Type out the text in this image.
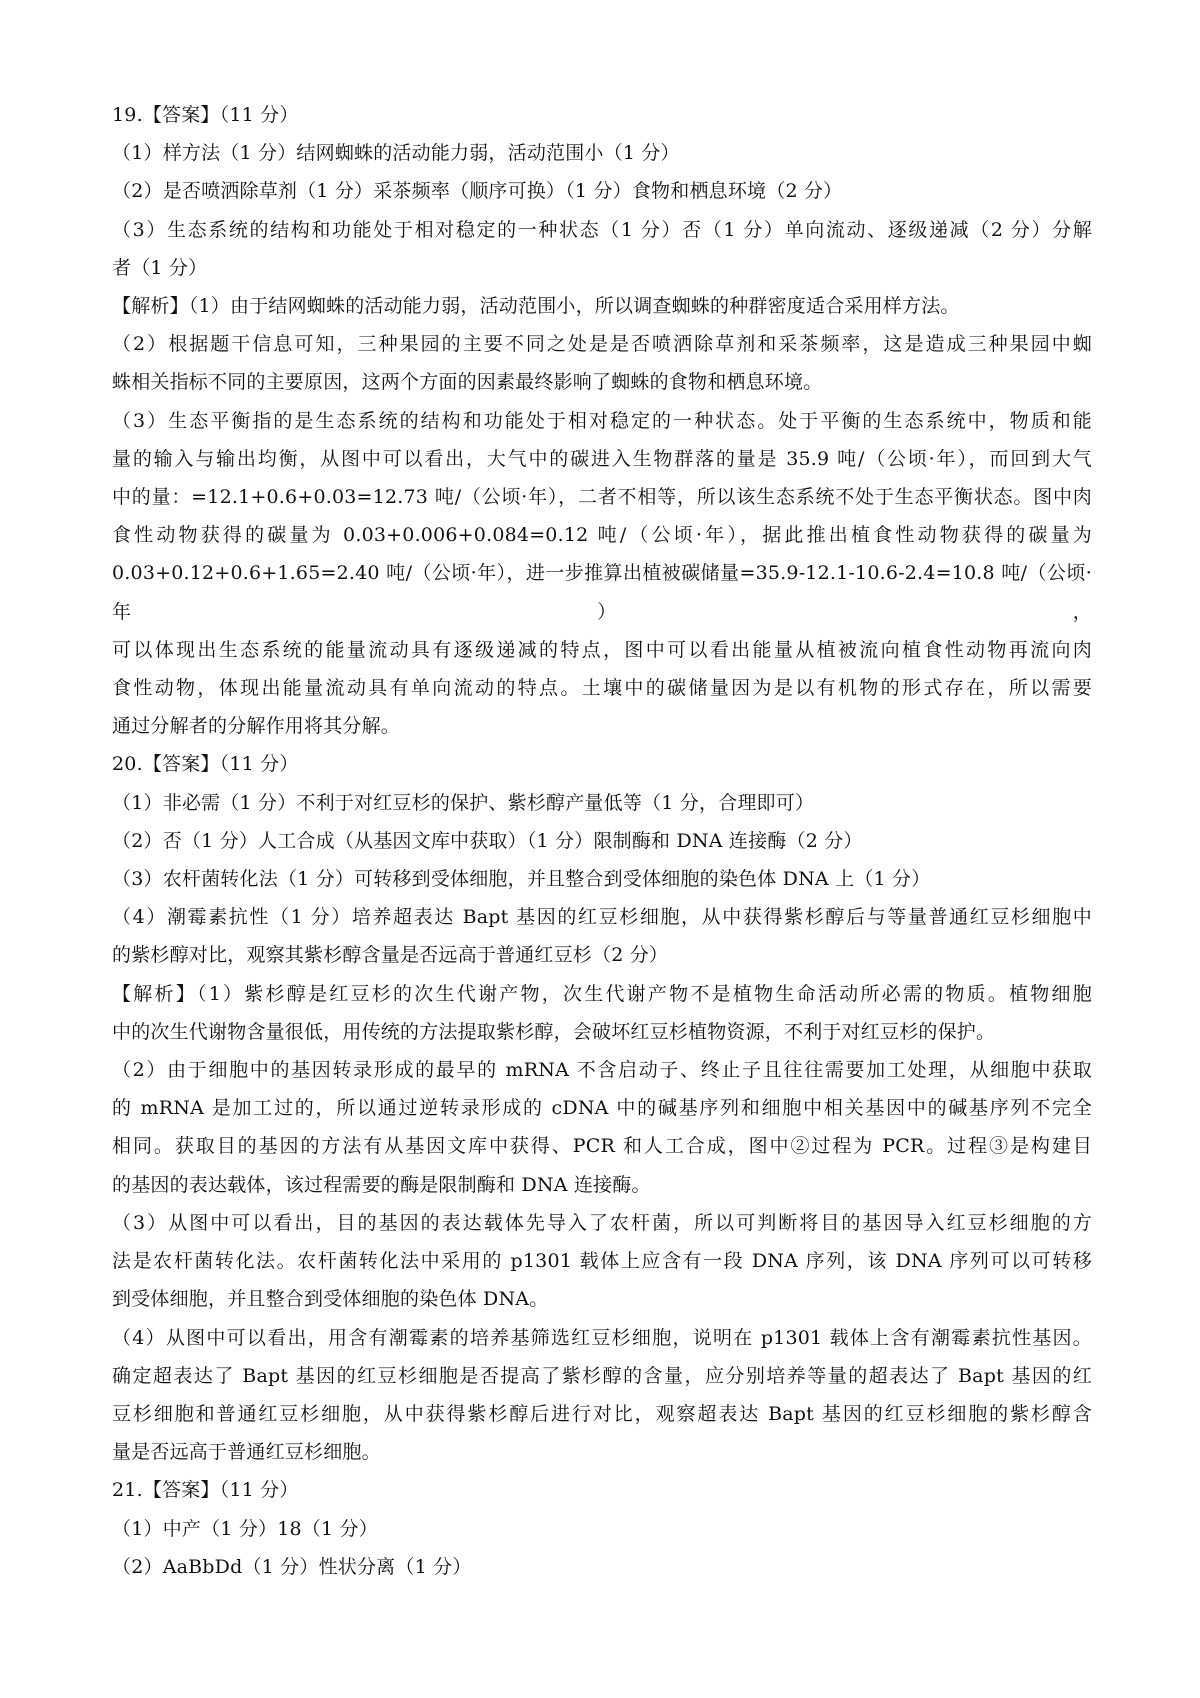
19.【答案】（11 分）
（1）样方法（1 分）结网蜘蛛的活动能力弱，活动范围小（1 分）
（2）是否喷洒除草剂（1 分）采茶频率（顺序可换）（1 分）食物和栖息环境（2 分）
（3）生态系统的结构和功能处于相对稳定的一种状态（1 分）否（1 分）单向流动、逐级递减（2 分）分解
者（1 分）
【解析】（1）由于结网蜘蛛的活动能力弱，活动范围小，所以调查蜘蛛的种群密度适合采用样方法。
（2）根据题干信息可知，三种果园的主要不同之处是是否喷洒除草剂和采茶频率，这是造成三种果园中蜘
蛛相关指标不同的主要原因，这两个方面的因素最终影响了蜘蛛的食物和栖息环境。
（3）生态平衡指的是生态系统的结构和功能处于相对稳定的一种状态。处于平衡的生态系统中，物质和能
量的输入与输出均衡，从图中可以看出，大气中的碳进入生物群落的量是 35.9 吨/（公顷·年），而回到大气
中的量：=12.1+0.6+0.03=12.73 吨/（公顷·年），二者不相等，所以该生态系统不处于生态平衡状态。图中肉
食性动物获得的碳量为 0.03+0.006+0.084=0.12 吨/（公顷·年），据此推出植食性动物获得的碳量为
0.03+0.12+0.6+1.65=2.40 吨/（公顷·年），进一步推算出植被碳储量=35.9-12.1-10.6-2.4=10.8 吨/（公顷·年），
可以体现出生态系统的能量流动具有逐级递减的特点，图中可以看出能量从植被流向植食性动物再流向肉
食性动物，体现出能量流动具有单向流动的特点。土壤中的碳储量因为是以有机物的形式存在，所以需要
通过分解者的分解作用将其分解。
20.【答案】（11 分）
（1）非必需（1 分）不利于对红豆杉的保护、紫杉醇产量低等（1 分，合理即可）
（2）否（1 分）人工合成（从基因文库中获取）（1 分）限制酶和 DNA 连接酶（2 分）
（3）农杆菌转化法（1 分）可转移到受体细胞，并且整合到受体细胞的染色体 DNA 上（1 分）
（4）潮霉素抗性（1 分）培养超表达 Bapt 基因的红豆杉细胞，从中获得紫杉醇后与等量普通红豆杉细胞中
的紫杉醇对比，观察其紫杉醇含量是否远高于普通红豆杉（2 分）
【解析】（1）紫杉醇是红豆杉的次生代谢产物，次生代谢产物不是植物生命活动所必需的物质。植物细胞
中的次生代谢物含量很低，用传统的方法提取紫杉醇，会破坏红豆杉植物资源，不利于对红豆杉的保护。
（2）由于细胞中的基因转录形成的最早的 mRNA 不含启动子、终止子且往往需要加工处理，从细胞中获取
的 mRNA 是加工过的，所以通过逆转录形成的 cDNA 中的碱基序列和细胞中相关基因中的碱基序列不完全
相同。获取目的基因的方法有从基因文库中获得、PCR 和人工合成，图中②过程为 PCR。过程③是构建目
的基因的表达载体，该过程需要的酶是限制酶和 DNA 连接酶。
（3）从图中可以看出，目的基因的表达载体先导入了农杆菌，所以可判断将目的基因导入红豆杉细胞的方
法是农杆菌转化法。农杆菌转化法中采用的 p1301 载体上应含有一段 DNA 序列，该 DNA 序列可以可转移
到受体细胞，并且整合到受体细胞的染色体 DNA。
（4）从图中可以看出，用含有潮霉素的培养基筛选红豆杉细胞，说明在 p1301 载体上含有潮霉素抗性基因。
确定超表达了 Bapt 基因的红豆杉细胞是否提高了紫杉醇的含量，应分别培养等量的超表达了 Bapt 基因的红
豆杉细胞和普通红豆杉细胞，从中获得紫杉醇后进行对比，观察超表达 Bapt 基因的红豆杉细胞的紫杉醇含
量是否远高于普通红豆杉细胞。
21.【答案】（11 分）
（1）中产（1 分）18（1 分）
（2）AaBbDd（1 分）性状分离（1 分）
